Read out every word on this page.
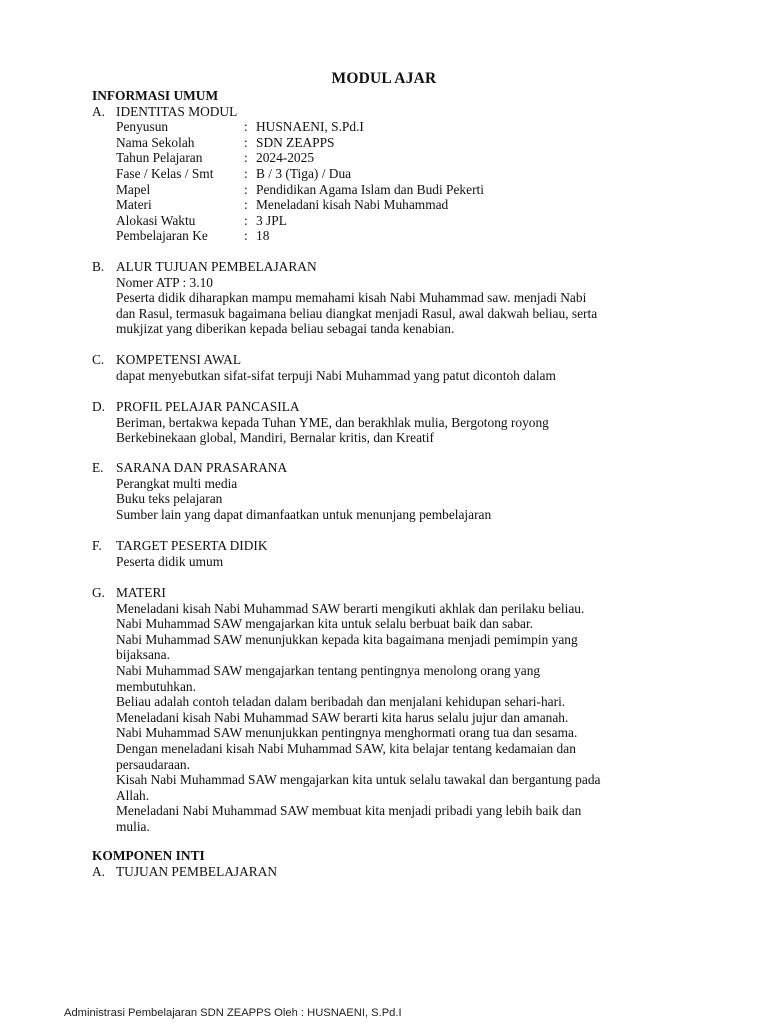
MODUL AJAR
INFORMASI UMUM
A. IDENTITAS MODUL
Penyusun	: HUSNAENI, S.Pd.I
Nama Sekolah	: SDN ZEAPPS
Tahun Pelajaran	: 2024-2025
Fase / Kelas / Smt	: B / 3 (Tiga) / Dua
Mapel	: Pendidikan Agama Islam dan Budi Pekerti
Materi	: Meneladani kisah Nabi Muhammad
Alokasi Waktu	: 3 JPL
Pembelajaran Ke	: 18
B. ALUR TUJUAN PEMBELAJARAN
Nomer ATP : 3.10
Peserta didik diharapkan mampu memahami kisah Nabi Muhammad saw. menjadi Nabi
dan Rasul, termasuk bagaimana beliau diangkat menjadi Rasul, awal dakwah beliau, serta
mukjizat yang diberikan kepada beliau sebagai tanda kenabian.
C. KOMPETENSI AWAL
dapat menyebutkan sifat-sifat terpuji Nabi Muhammad yang patut dicontoh dalam
D. PROFIL PELAJAR PANCASILA
Beriman, bertakwa kepada Tuhan YME, dan berakhlak mulia, Bergotong royong
Berkebinekaan global, Mandiri, Bernalar kritis, dan Kreatif
E. SARANA DAN PRASARANA
Perangkat multi media
Buku teks pelajaran
Sumber lain yang dapat dimanfaatkan untuk menunjang pembelajaran
F.	TARGET PESERTA DIDIK
Peserta didik umum
G. MATERI
Meneladani kisah Nabi Muhammad SAW berarti mengikuti akhlak dan perilaku beliau.
Nabi Muhammad SAW mengajarkan kita untuk selalu berbuat baik dan sabar.
Nabi Muhammad SAW menunjukkan kepada kita bagaimana menjadi pemimpin yang
bijaksana.
Nabi Muhammad SAW mengajarkan tentang pentingnya menolong orang yang
membutuhkan.
Beliau adalah contoh teladan dalam beribadah dan menjalani kehidupan sehari-hari.
Meneladani kisah Nabi Muhammad SAW berarti kita harus selalu jujur dan amanah.
Nabi Muhammad SAW menunjukkan pentingnya menghormati orang tua dan sesama.
Dengan meneladani kisah Nabi Muhammad SAW, kita belajar tentang kedamaian dan
persaudaraan.
Kisah Nabi Muhammad SAW mengajarkan kita untuk selalu tawakal dan bergantung pada
Allah.
Meneladani Nabi Muhammad SAW membuat kita menjadi pribadi yang lebih baik dan
mulia.
KOMPONEN INTI
A. TUJUAN PEMBELAJARAN
Administrasi Pembelajaran SDN ZEAPPS Oleh : HUSNAENI, S.Pd.I
